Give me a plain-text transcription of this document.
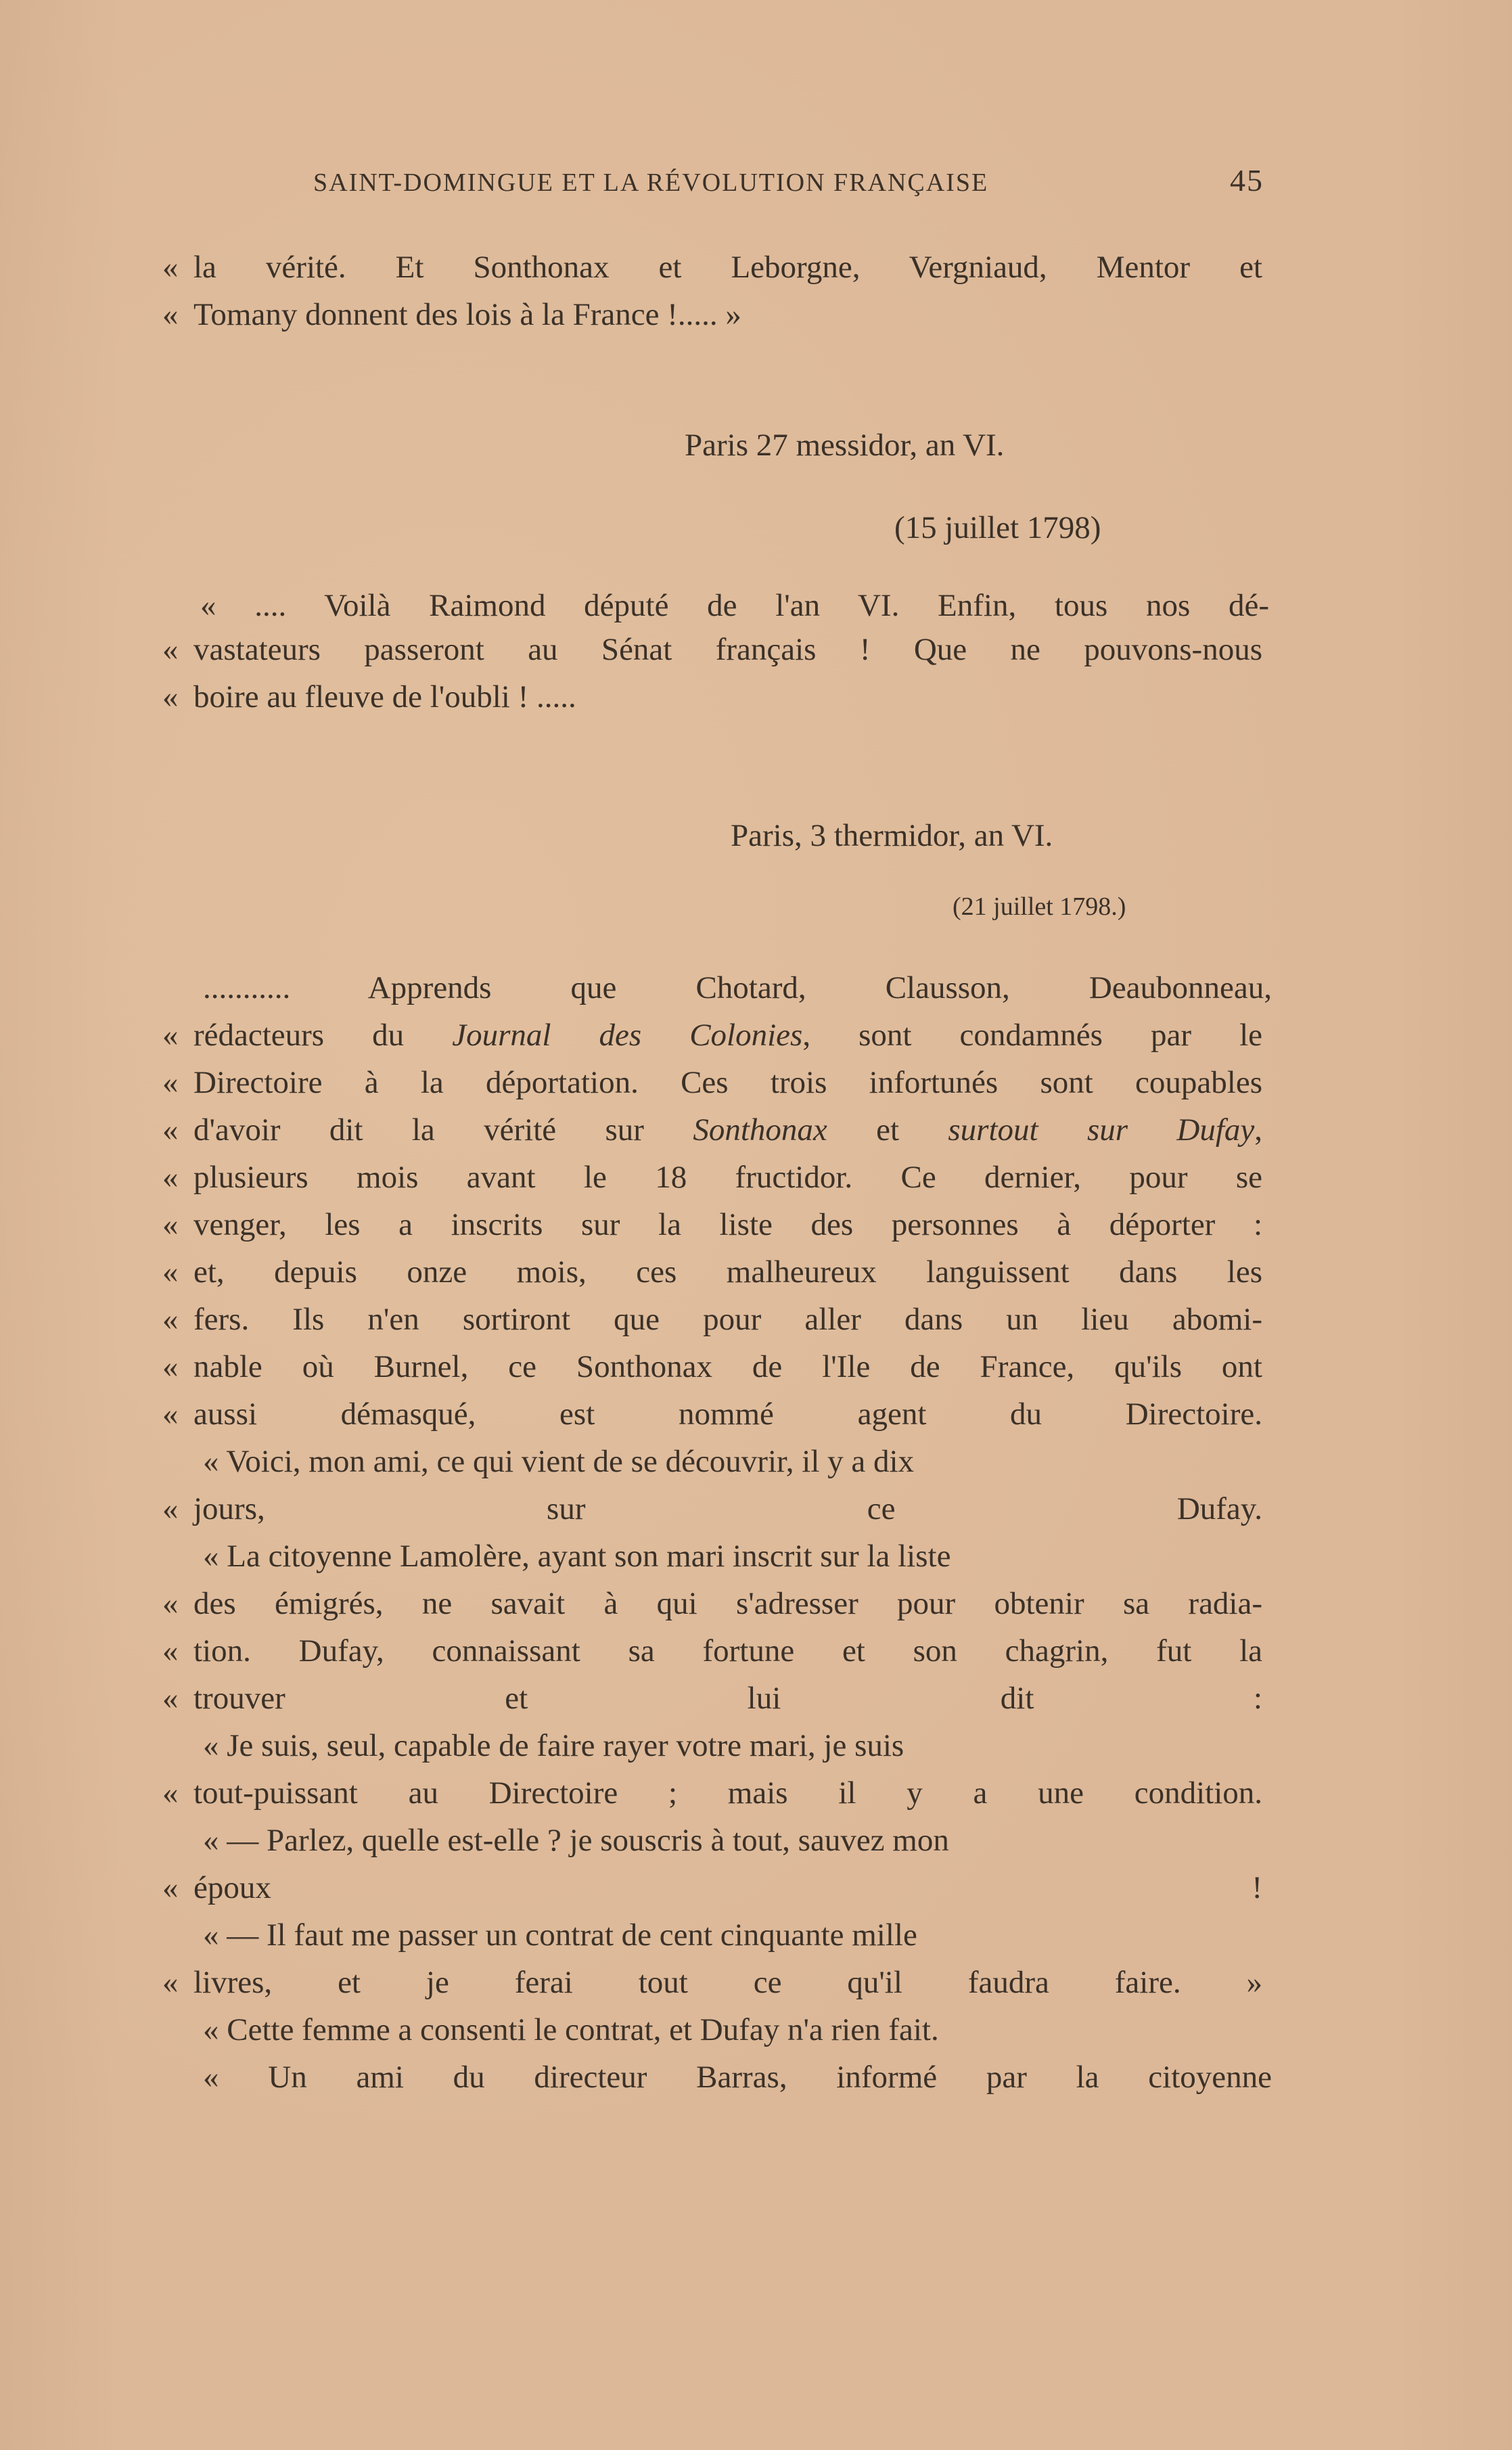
SAINT-DOMINGUE ET LA RÉVOLUTION FRANÇAISE	45
« la vérité. Et Sonthonax et Leborgne, Vergniaud, Mentor et
« Tomany donnent des lois à la France !..... »
Paris 27 messidor, an VI.
(15 juillet 1798)
« .... Voilà Raimond député de l'an VI. Enfin, tous nos dé-
« vastateurs passeront au Sénat français ! Que ne pouvons-nous
« boire au fleuve de l'oubli ! .....
Paris, 3 thermidor, an VI.
(21 juillet 1798.)
........... Apprends que Chotard, Clausson, Deaubonneau,
« rédacteurs du Journal des Colonies, sont condamnés par le
« Directoire à la déportation. Ces trois infortunés sont coupables
« d'avoir dit la vérité sur Sonthonax et surtout sur Dufay,
« plusieurs mois avant le 18 fructidor. Ce dernier, pour se
« venger, les a inscrits sur la liste des personnes à déporter :
« et, depuis onze mois, ces malheureux languissent dans les
« fers. Ils n'en sortiront que pour aller dans un lieu abomi-
« nable où Burnel, ce Sonthonax de l'Ile de France, qu'ils ont
« aussi démasqué, est nommé agent du Directoire.
« Voici, mon ami, ce qui vient de se découvrir, il y a dix
« jours, sur ce Dufay.
« La citoyenne Lamolère, ayant son mari inscrit sur la liste
« des émigrés, ne savait à qui s'adresser pour obtenir sa radia-
« tion. Dufay, connaissant sa fortune et son chagrin, fut la
« trouver et lui dit :
« Je suis, seul, capable de faire rayer votre mari, je suis
« tout-puissant au Directoire ; mais il y a une condition.
« — Parlez, quelle est-elle ? je souscris à tout, sauvez mon
« époux !
« — Il faut me passer un contrat de cent cinquante mille
« livres, et je ferai tout ce qu'il faudra faire. »
« Cette femme a consenti le contrat, et Dufay n'a rien fait.
« Un ami du directeur Barras, informé par la citoyenne
